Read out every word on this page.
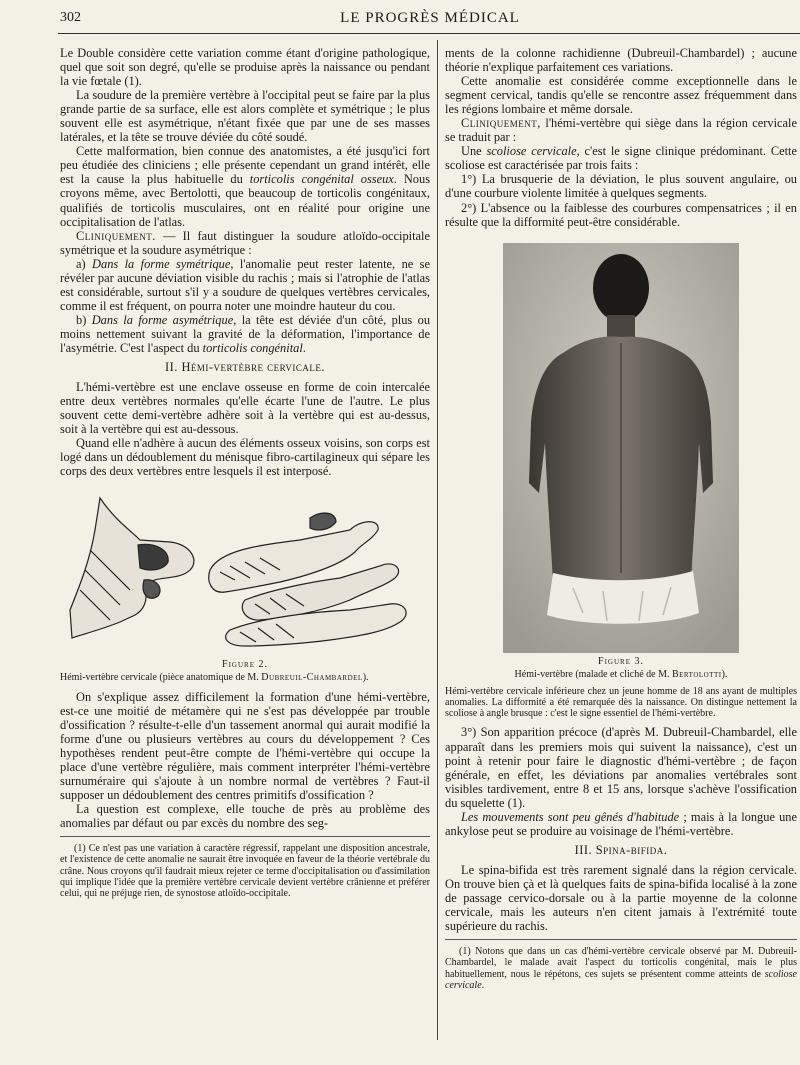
302	LE PROGRÈS MÉDICAL

Le Double considère cette variation comme étant d'origine pathologique, quel que soit son degré, qu'elle se produise après la naissance ou pendant la vie fœtale (1).

La soudure de la première vertèbre à l'occipital peut se faire par la plus grande partie de sa surface, elle est alors complète et symétrique ; le plus souvent elle est asymétrique, n'étant fixée que par une de ses masses latérales, et la tête se trouve déviée du côté soudé.

Cette malformation, bien connue des anatomistes, a été jusqu'ici fort peu étudiée des cliniciens ; elle présente cependant un grand intérêt, elle est la cause la plus habituelle du torticolis congénital osseux. Nous croyons même, avec Bertolotti, que beaucoup de torticolis congénitaux, qualifiés de torticolis musculaires, ont en réalité pour origine une occipitalisation de l'atlas.

Cliniquement. — Il faut distinguer la soudure atloïdo-occipitale symétrique et la soudure asymétrique :

a) Dans la forme symétrique, l'anomalie peut rester latente, ne se révéler par aucune déviation visible du rachis ; mais si l'atrophie de l'atlas est considérable, surtout s'il y a soudure de quelques vertèbres cervicales, comme il est fréquent, on pourra noter une moindre hauteur du cou.

b) Dans la forme asymétrique, la tête est déviée d'un côté, plus ou moins nettement suivant la gravité de la déformation, l'importance de l'asymétrie. C'est l'aspect du torticolis congénital.

II. Hémi-vertèbre cervicale.

L'hémi-vertèbre est une enclave osseuse en forme de coin intercalée entre deux vertèbres normales qu'elle écarte l'une de l'autre. Le plus souvent cette demi-vertèbre adhère soit à la vertèbre qui est au-dessus, soit à la vertèbre qui est au-dessous.

Quand elle n'adhère à aucun des éléments osseux voisins, son corps est logé dans un dédoublement du ménisque fibro-cartilagineux qui sépare les corps des deux vertèbres entre lesquels il est interposé.

Figure 2.
Hémi-vertèbre cervicale (pièce anatomique de M. Dubreuil-Chambardel).

On s'explique assez difficilement la formation d'une hémi-vertèbre, est-ce une moitié de métamère qui ne s'est pas développée par trouble d'ossification ? résulte-t-elle d'un tassement anormal qui aurait modifié la forme d'une ou plusieurs vertèbres au cours du développement ? Ces hypothèses rendent peut-être compte de l'hémi-vertèbre qui occupe la place d'une vertèbre régulière, mais comment interpréter l'hémi-vertèbre surnuméraire qui s'ajoute à un nombre normal de vertèbres ? Faut-il supposer un dédoublement des centres primitifs d'ossification ?

La question est complexe, elle touche de près au problème des anomalies par défaut ou par excès du nombre des seg-

(1) Ce n'est pas une variation à caractère régressif, rappelant une disposition ancestrale, et l'existence de cette anomalie ne saurait être invoquée en faveur de la théorie vertébrale du crâne. Nous croyons qu'il faudrait mieux rejeter ce terme d'occipitalisation ou d'assimilation qui implique l'idée que la première vertèbre cervicale devient vertèbre crânienne et préférer celui, qui ne préjuge rien, de synostose atloïdo-occipitale.

ments de la colonne rachidienne (Dubreuil-Chambardel) ; aucune théorie n'explique parfaitement ces variations.

Cette anomalie est considérée comme exceptionnelle dans le segment cervical, tandis qu'elle se rencontre assez fréquemment dans les régions lombaire et même dorsale.

Cliniquement, l'hémi-vertèbre qui siège dans la région cervicale se traduit par :

Une scoliose cervicale, c'est le signe clinique prédominant. Cette scoliose est caractérisée par trois faits :

1°) La brusquerie de la déviation, le plus souvent angulaire, ou d'une courbure violente limitée à quelques segments.

2°) L'absence ou la faiblesse des courbures compensatrices ; il en résulte que la difformité peut-être considérable.

Figure 3.
Hémi-vertèbre (malade et cliché de M. Bertolotti).
Hémi-vertèbre cervicale inférieure chez un jeune homme de 18 ans ayant de multiples anomalies. La difformité a été remarquée dès la naissance. On distingue nettement la scoliose à angle brusque : c'est le signe essentiel de l'hémi-vertèbre.

3°) Son apparition précoce (d'après M. Dubreuil-Chambardel, elle apparaît dans les premiers mois qui suivent la naissance), c'est un point à retenir pour faire le diagnostic d'hémi-vertèbre ; de façon générale, en effet, les déviations par anomalies vertébrales sont visibles tardivement, entre 8 et 15 ans, lorsque s'achève l'ossification du squelette (1).

Les mouvements sont peu gênés d'habitude ; mais à la longue une ankylose peut se produire au voisinage de l'hémi-vertèbre.

III. Spina-bifida.

Le spina-bifida est très rarement signalé dans la région cervicale. On trouve bien çà et là quelques faits de spina-bifida localisé à la zone de passage cervico-dorsale ou à la partie moyenne de la colonne cervicale, mais les auteurs n'en citent jamais à l'extrémité toute supérieure du rachis.

(1) Notons que dans un cas d'hémi-vertèbre cervicale observé par M. Dubreuil-Chambardel, le malade avait l'aspect du torticolis congénital, mais le plus habituellement, nous le répétons, ces sujets se présentent comme atteints de scoliose cervicale.
